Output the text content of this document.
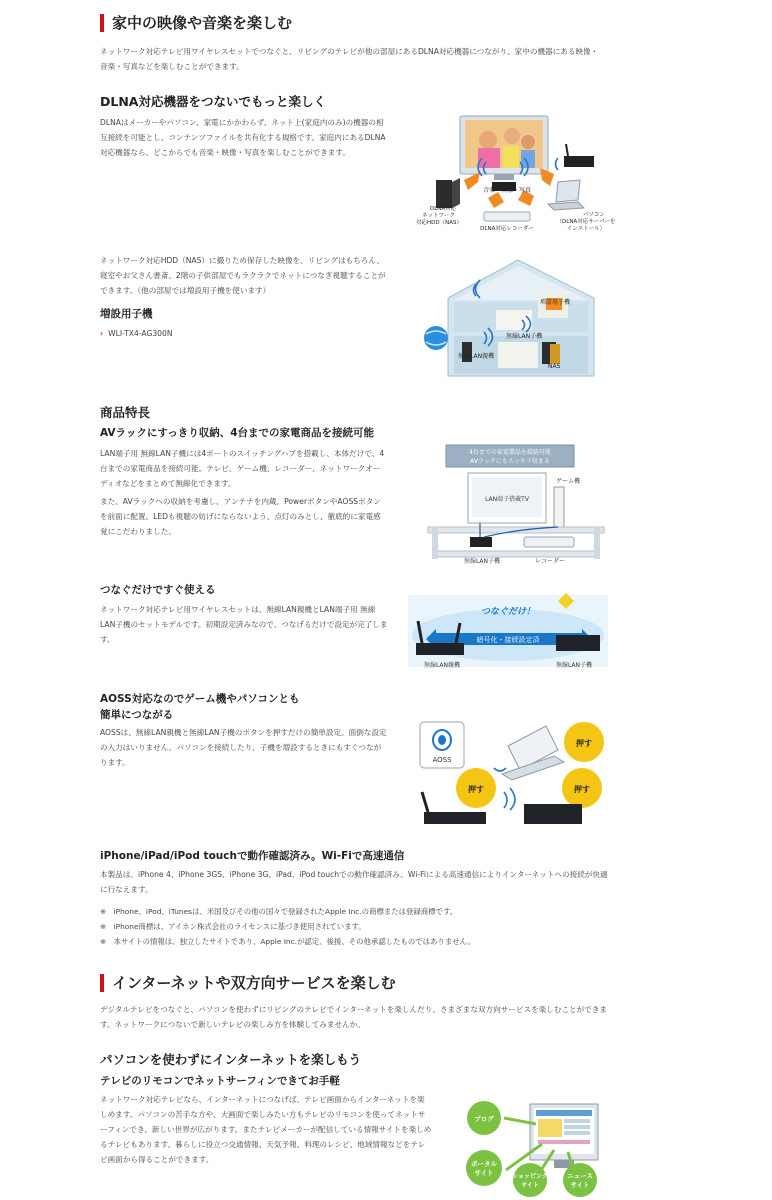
家中の映像や音楽を楽しむ
ネットワーク対応テレビ用ワイヤレスセットでつなぐと、リビングのテレビが他の部屋にあるDLNA対応機器につながり、家中の機器にある映像・音楽・写真などを楽しむことができます。
DLNA対応機器をつないでもっと楽しく
DLNAはメーカーやパソコン、家電にかかわらず、ネット上(家庭内のみ)の機器の相互接続を可能とし、コンテンツファイルを共有化する規格です。家庭内にあるDLNA対応機器なら、どこからでも音楽・映像・写真を楽しむことができます。
音楽・映像・写真
DLNA対応
ネットワーク
対応HDD（NAS）
DLNA対応レコーダー
パソコン
（DLNA対応サーバーを
インストール）
ネットワーク対応HDD（NAS）に撮りため保存した映像を、リビングはもちろん、寝室やお父さん書斎、2階の子供部屋でもラクラクでネットにつなぎ視聴することができます。（他の部屋では増設用子機を使います）
増設用子機
› WLI-TX4-AG300N
増設用子機
無線LAN子機
無線LAN親機
NAS
商品特長
AVラックにすっきり収納、4台までの家電商品を接続可能
LAN端子用 無線LAN子機には4ポートのスイッチングハブを搭載し、本体だけで、4台までの家電商品を接続可能。テレビ、ゲーム機、レコーダー、ネットワークオーディオなどをまとめて無線化できます。
また、AVラックへの収納を考慮し、アンテナを内蔵。PowerボタンやAOSSボタンを前面に配置。LEDも視聴の妨げにならないよう、点灯のみとし、徹底的に家電感覚にこだわりました。
4台までの家電製品を接続可能
AVラックにもスッキリ収まる
LAN端子搭載TV
ゲーム機
無線LAN子機	レコーダー
つなぐだけですぐ使える
ネットワーク対応テレビ用ワイヤレスセットは、無線LAN親機とLAN端子用 無線LAN子機のセットモデルです。初期設定済みなので、つなげるだけで設定が完了します。	暗号化・接続設定済
つなぐだけ！
無線LAN親機	無線LAN子機
AOSS対応なのでゲーム機やパソコンとも
簡単につながる
AOSSは、無線LAN親機と無線LAN子機のボタンを押すだけの簡単設定。面倒な設定の入力はいりません。パソコンを接続したり、子機を増設するときにもすぐつながります。	AOSS
押す
押す	押す
iPhone/iPad/iPod touchで動作確認済み。Wi-Fiで高速通信
本製品は、iPhone 4、iPhone 3GS、iPhone 3G、iPad、iPod touchでの動作確認済み。Wi-Fiによる高速通信によりインターネットへの接続が快適に行なえます。
※　iPhone、iPod、iTunesは、米国及びその他の国々で登録されたApple Inc.の商標または登録商標です。
※　iPhone商標は、アイホン株式会社のライセンスに基づき使用されています。
※　本サイトの情報は、独立したサイトであり、Apple Inc.が認定、後援、その他承認したものではありません。
インターネットや双方向サービスを楽しむ
デジタルテレビをつなぐと、パソコンを使わずにリビングのテレビでインターネットを楽しんだり、さまざまな双方向サービスを楽しむことができます。ネットワークにつないで新しいテレビの楽しみ方を体験してみませんか。
パソコンを使わずにインターネットを楽しもう
テレビのリモコンでネットサーフィンできてお手軽
ネットワーク対応テレビなら、インターネットにつなげば、テレビ画面からインターネットを楽しめます。パソコンの苦手な方や、大画面で楽しみたい方もテレビのリモコンを使ってネットサーフィンでき、新しい世界が広がります。またテレビメーカーが配信している情報サイトを楽しめるテレビもあります。暮らしに役立つ交通情報、天気予報、料理のレシピ、地域情報などをテレビ画面から得ることができます。
ブログ
ポータル
サイト	ショッピング
サイト
ニュース
サイト
